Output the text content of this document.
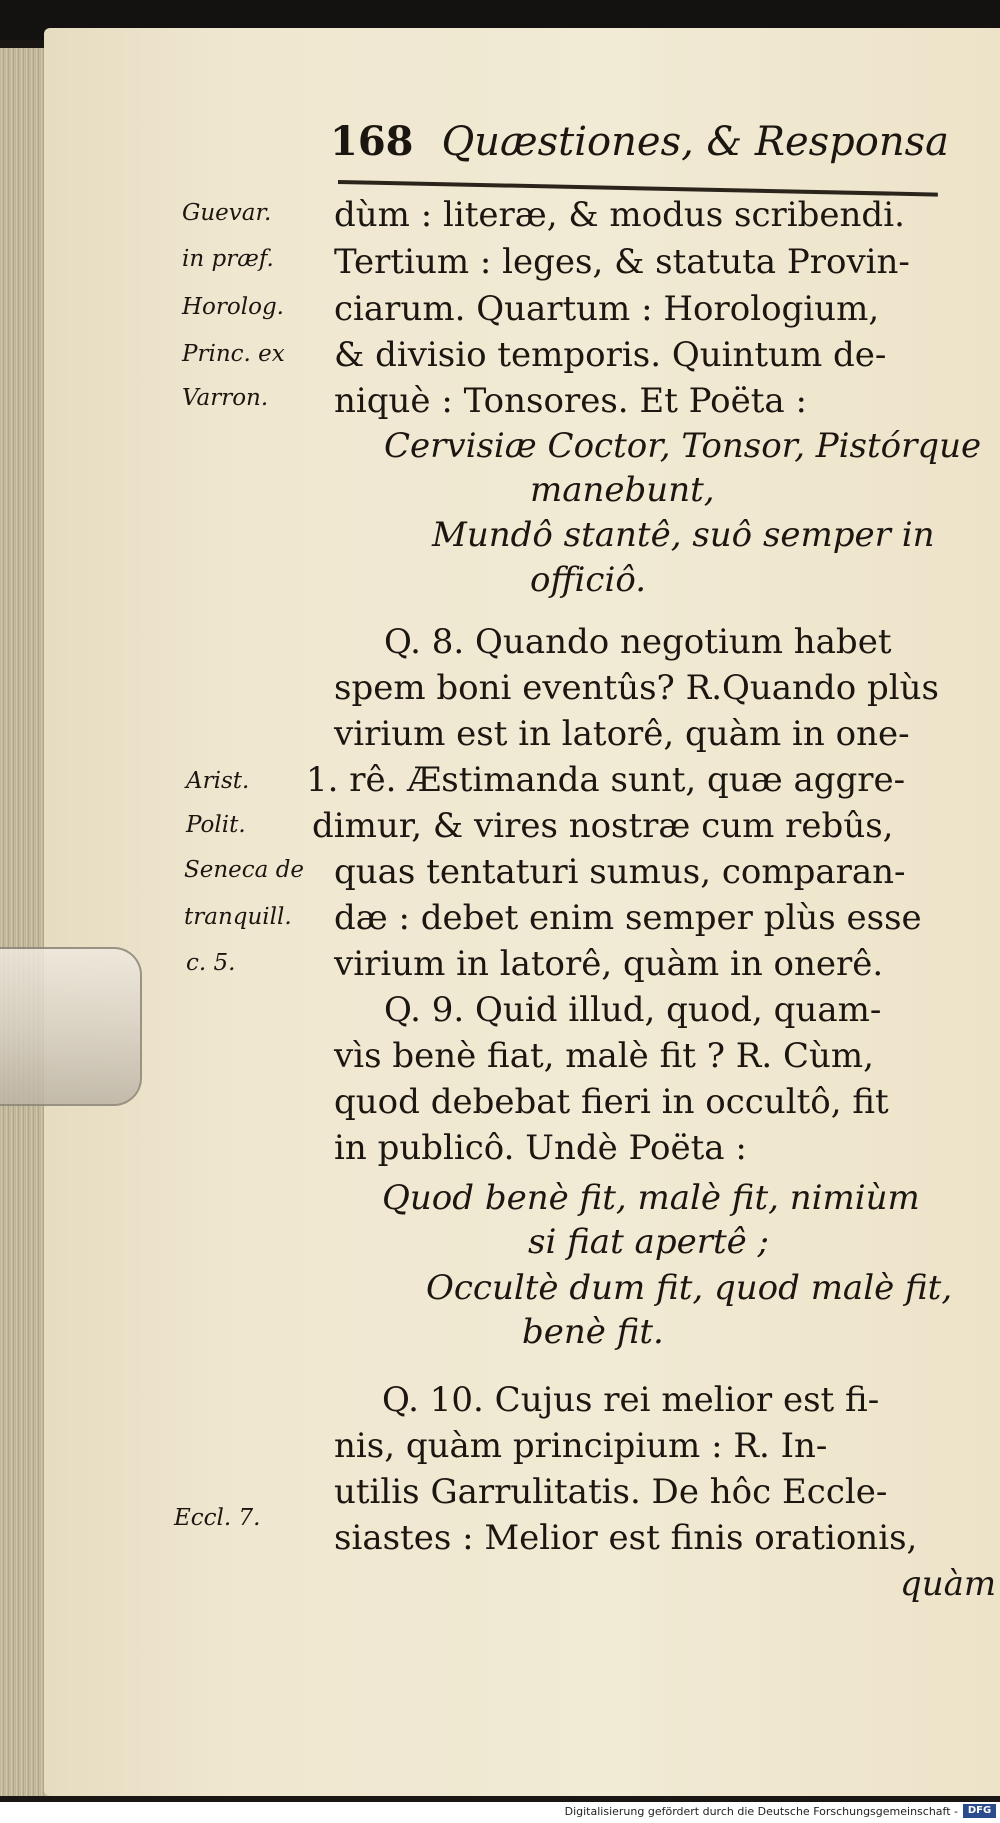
168 Quæstiones, & Responsa
Guevar.
in præf.
Horolog.
Princ. ex
Varron.
Arist.
Polit.
Seneca de
tranquill.
c. 5.
Eccl. 7.
dùm : literæ, & modus scribendi.
Tertium : leges, & statuta Provin-
ciarum. Quartum : Horologium,
& divisio temporis. Quintum de-
niquè : Tonsores. Et Poëta :
Cervisiæ Coctor, Tonsor, Pistórque
manebunt,
Mundô stantê, suô semper in
officiô.
Q. 8. Quando negotium habet
spem boni eventûs? R.Quando plùs
virium est in latorê, quàm in one-
1. rê. Æstimanda sunt, quæ aggre-
dimur, & vires nostræ cum rebûs,
quas tentaturi sumus, comparan-
dæ : debet enim semper plùs esse
virium in latorê, quàm in onerê.
Q. 9. Quid illud, quod, quam-
vìs benè fiat, malè fit ? R. Cùm,
quod debebat fieri in occultô, fit
in publicô. Undè Poëta :
Quod benè fit, malè fit, nimiùm
si fiat apertê ;
Occultè dum fit, quod malè fit,
benè fit.
Q. 10. Cujus rei melior est fi-
nis, quàm principium : R. In-
utilis Garrulitatis. De hôc Eccle-
siastes : Melior est finis orationis,
quàm
Digitalisierung gefördert durch die Deutsche Forschungsgemeinschaft - DFG
